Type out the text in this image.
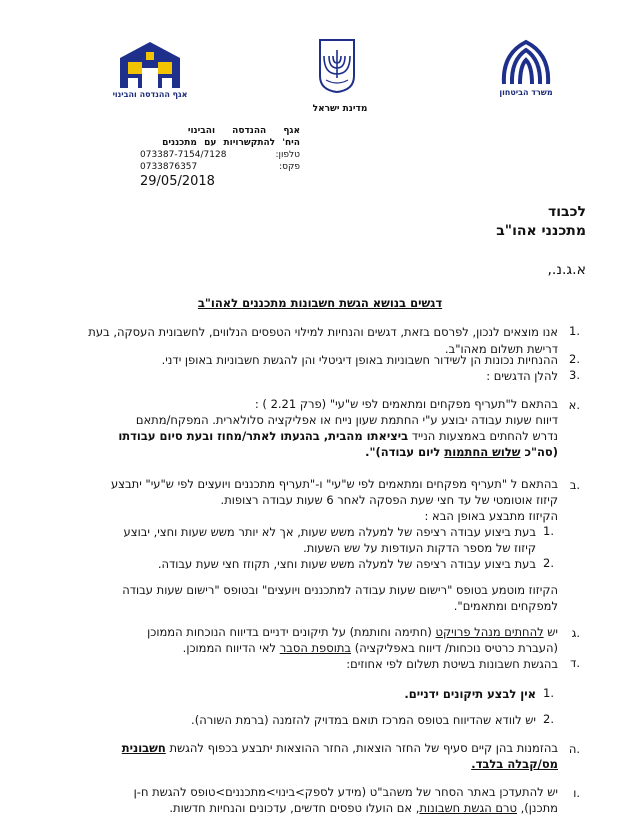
אגף ההנדסה והבינוי
מדינת ישראל
משרד הביטחון
אגף ההנדסה והבינוי
היח' להתקשרויות עם מתכננים
טלפון:
073387-7154/7128
פקס:
0733876357
29/05/2018
לכבוד
מתכנני אהו"ב
א.ג.נ.,
דגשים בנושא הגשת חשבונות מתכננים לאהו"ב
1.
אנו מוצאים לנכון, לפרסם בזאת, דגשים והנחיות למילוי הטפסים הנלווים, לחשבונית העסקה, בעת דרישת תשלום מאהו"ב.
2.
ההנחיות נכונות הן לשידור חשבוניות באופן דיגיטלי והן להגשת חשבוניות באופן ידני.
3.
להלן הדגשים :
א.
בהתאם ל"תעריף מפקחים ומתאמים לפי ש"עי" (פרק 2.21 ) :
דיווח שעות עבודה יבוצע ע"י החתמת שעון נייח או אפליקציה סלולארית. המפקח/מתאם
נדרש להחתים באמצעות הנייד ביציאתו מהבית, בהגעתו לאתר/מחוז ובעת סיום עבודתו
(סה"כ שלוש החתמות ליום עבודה)".
ב.
בהתאם ל "תעריף מפקחים ומתאמים לפי ש"עי" ו-"תעריף מתכננים ויועצים לפי ש"עי" יתבצע
קיזוז אוטומטי של עד חצי שעת הפסקה לאחר 6 שעות עבודה רצופות.
הקיזוז מתבצע באופן הבא :
1.
בעת ביצוע עבודה רציפה של למעלה משש שעות, אך לא יותר משש שעות וחצי, יבוצע
קיזוז של מספר הדקות העודפות על שש השעות.
2.
בעת ביצוע עבודה רציפה של למעלה משש שעות וחצי, תקוזז חצי שעת עבודה.
הקיזוז מוטמע בטופס "רישום שעות עבודה למתכננים ויועצים" ובטופס "רישום שעות עבודה
למפקחים ומתאמים".
ג.
יש להחתים מנהל פרויקט (חתימה וחותמת) על תיקונים ידניים בדיווח הנוכחות הממוכן
(העברת כרטיס נוכחות/ דיווח באפליקציה) בתוספת הסבר לאי הדיווח הממוכן.
ד.
בהגשת חשבונות בשיטת תשלום לפי אחוזים:
1.
אין לבצע תיקונים ידניים.
2.
יש לוודא שהדיווח בטופס המרכז תואם במדויק להזמנה (ברמת השורה).
ה.
בהזמנות בהן קיים סעיף של החזר הוצאות, החזר ההוצאות יתבצע בכפוף להגשת חשבונית
מס/קבלה בלבד.
ו.
יש להתעדכן באתר הסחר של משהב"ט (מידע לספק>בינוי>מתכננים>טופס להגשת ח-ן
מתכנן), טרם הגשת חשבונות, אם הועלו טפסים חדשים, עדכונים והנחיות חדשות.
